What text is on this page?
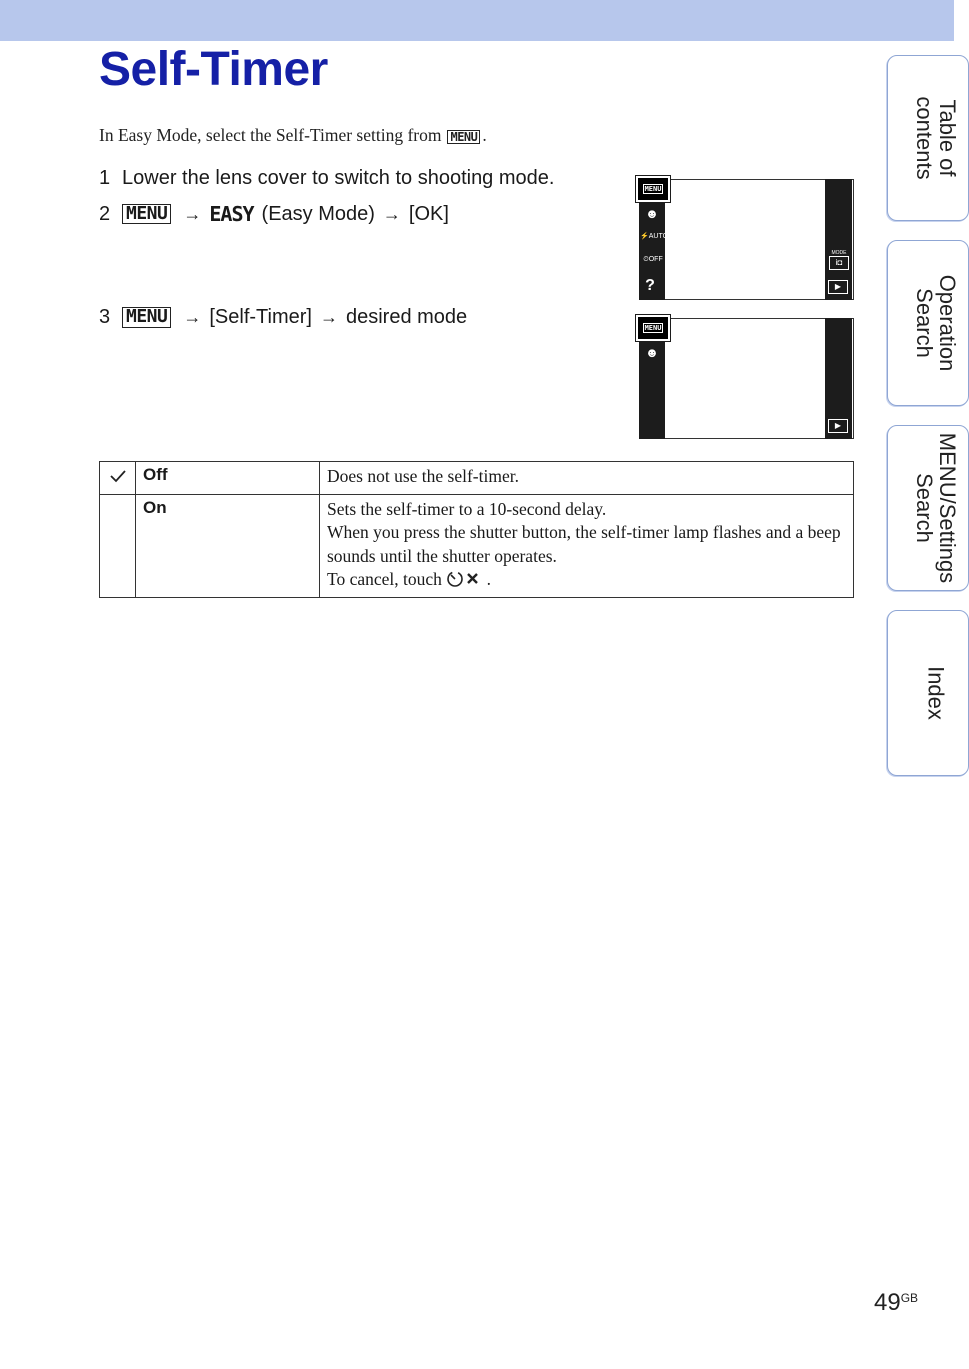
Self-Timer
In Easy Mode, select the Self-Timer setting from MENU .
1 Lower the lens cover to switch to shooting mode.
2 MENU → EASY (Easy Mode) → [OK]
3 MENU → [Self-Timer] → desired mode
MENU
☻
⚡AUTO
⏲OFF
?
MODE
i◘
▶
MENU
☻
▶
	Off	Does not use the self-timer.

	On	Sets the self-timer to a 10-second delay.
When you press the shutter button, the self-timer lamp flashes and a beep sounds until the shutter operates.
To cancel, touch .
Table of
contents
Operation
Search
MENU/Settings
Search
Index
$49^{GB}$
